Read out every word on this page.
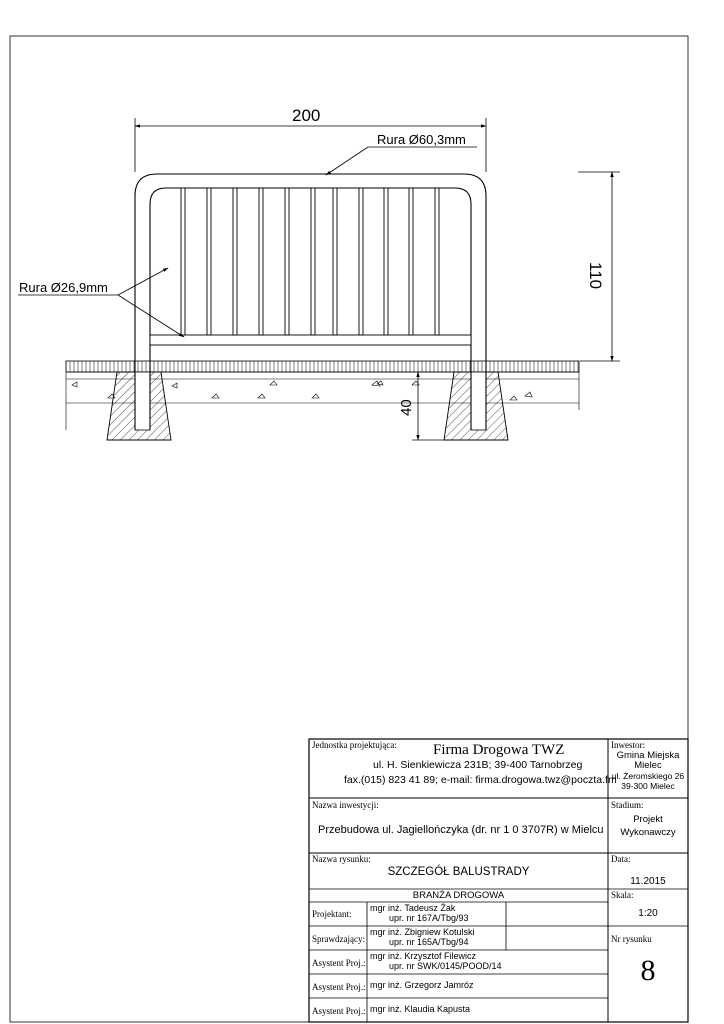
200
110
40
Rura Ø60,3mm
Rura Ø26,9mm
Jednostka projektująca: Firma Drogowa TWZ
ul. H. Sienkiewicza 231B; 39-400 Tarnobrzeg
fax.(015) 823 41 89; e-mail: firma.drogowa.twz@poczta.fm
Inwestor:
Gmina Miejska
Mielec
ul. Żeromskiego 26
39-300 Mielec
Nazwa inwestycji:
Przebudowa ul. Jagiellończyka (dr. nr 1 0 3707R) w Mielcu
Stadium:
Projekt
Wykonawczy
Nazwa rysunku:
SZCZEGÓŁ BALUSTRADY
Data:
11.2015
BRANŻA DROGOWA	Skala:
1:20
Nr rysunku
8
Projektant:
mgr inż. Tadeusz Żak
upr. nr 167A/Tbg/93
Sprawdzający:
mgr inż. Zbigniew Kotulski
upr. nr 165A/Tbg/94
Asystent Proj.:
mgr inż. Krzysztof Filewicz
upr. nr SWK/0145/POOD/14
Asystent Proj.: mgr inż. Grzegorz Jamróz
Asystent Proj.: mgr inż. Klaudia Kapusta
